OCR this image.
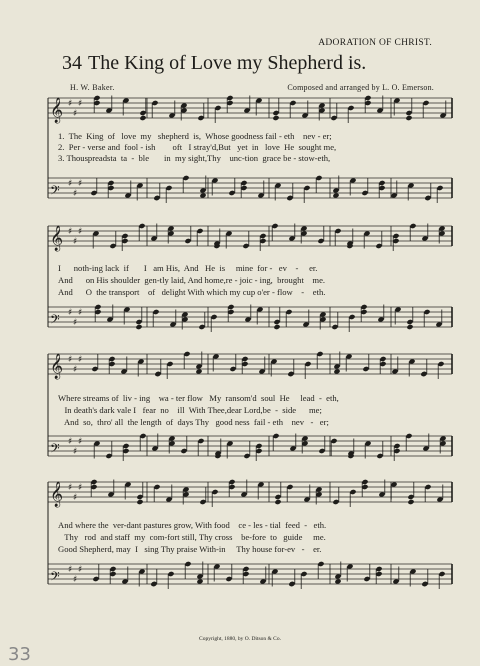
ADORATION OF CHRIST.
34 The King of Love my Shepherd is.
H. W. Baker.	Composed and arranged by L. O. Emerson.
𝄞 ♯
♯
♯
𝄢 ♯
♯
♯
𝄞 ♯
♯
♯
𝄢 ♯
♯
♯
𝄞 ♯
♯
♯
𝄢 ♯
♯
♯
𝄞 ♯
♯
♯
𝄢 ♯
♯
♯
1.  The  King  of   love  my   shepherd  is,  Whose goodness fail - eth    nev - er;
2.  Per - verse and  fool - ish        oft   I stray'd,But   yet  in   love  He  sought me,
3. Thouspreadsta  ta  -  ble       in  my sight,Thy    unc-tion  grace be - stow-eth,
I      noth-ing lack  if       I   am His,  And   He  is     mine  for -   ev    -     er.
And      on His shoulder  gen-tly laid, And home,re - joic - ing,  brought    me.
And      O  the transport    of   delight With which my cup o'er - flow    -    eth.
Where streams of  liv - ing    wa - ter flow   My  ransom'd  soul  He     lead  -  eth,
In death's dark vale I   fear  no    ill  With Thee,dear Lord,be  -  side      me;
And  so,  thro' all  the length  of  days Thy   good ness  fail - eth    nev   -   er;
And where the  ver-dant pastures grow, With food    ce - les - tial  feed  -   eth.
Thy   rod  and staff  my  com-fort still, Thy cross    be-fore  to   guide     me.
Good Shepherd, may  I   sing Thy praise With-in     Thy house for-ev   -    er.
Copyright, 1880, by O. Ditson & Co.
33
